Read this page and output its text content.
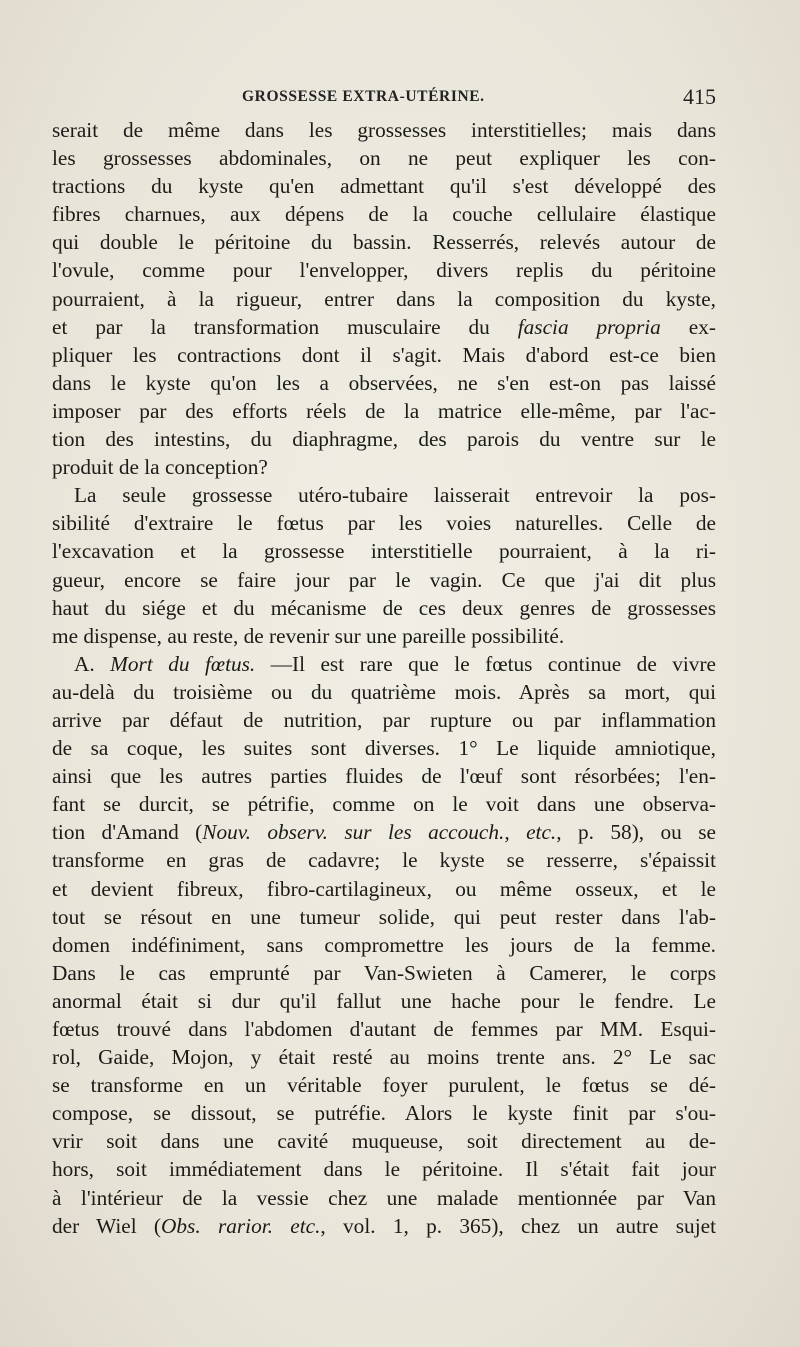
GROSSESSE EXTRA-UTÉRINE.	415
serait de même dans les grossesses interstitielles; mais dans
les grossesses abdominales, on ne peut expliquer les con-
tractions du kyste qu'en admettant qu'il s'est développé des
fibres charnues, aux dépens de la couche cellulaire élastique
qui double le péritoine du bassin. Resserrés, relevés autour de
l'ovule, comme pour l'envelopper, divers replis du péritoine
pourraient, à la rigueur, entrer dans la composition du kyste,
et par la transformation musculaire du fascia propria ex-
pliquer les contractions dont il s'agit. Mais d'abord est-ce bien
dans le kyste qu'on les a observées, ne s'en est-on pas laissé
imposer par des efforts réels de la matrice elle-même, par l'ac-
tion des intestins, du diaphragme, des parois du ventre sur le
produit de la conception?
La seule grossesse utéro-tubaire laisserait entrevoir la pos-
sibilité d'extraire le fœtus par les voies naturelles. Celle de
l'excavation et la grossesse interstitielle pourraient, à la ri-
gueur, encore se faire jour par le vagin. Ce que j'ai dit plus
haut du siége et du mécanisme de ces deux genres de grossesses
me dispense, au reste, de revenir sur une pareille possibilité.
A. Mort du fœtus. —Il est rare que le fœtus continue de vivre
au-delà du troisième ou du quatrième mois. Après sa mort, qui
arrive par défaut de nutrition, par rupture ou par inflammation
de sa coque, les suites sont diverses. 1° Le liquide amniotique,
ainsi que les autres parties fluides de l'œuf sont résorbées; l'en-
fant se durcit, se pétrifie, comme on le voit dans une observa-
tion d'Amand (Nouv. observ. sur les accouch., etc., p. 58), ou se
transforme en gras de cadavre; le kyste se resserre, s'épaissit
et devient fibreux, fibro-cartilagineux, ou même osseux, et le
tout se résout en une tumeur solide, qui peut rester dans l'ab-
domen indéfiniment, sans compromettre les jours de la femme.
Dans le cas emprunté par Van-Swieten à Camerer, le corps
anormal était si dur qu'il fallut une hache pour le fendre. Le
fœtus trouvé dans l'abdomen d'autant de femmes par MM. Esqui-
rol, Gaide, Mojon, y était resté au moins trente ans. 2° Le sac
se transforme en un véritable foyer purulent, le fœtus se dé-
compose, se dissout, se putréfie. Alors le kyste finit par s'ou-
vrir soit dans une cavité muqueuse, soit directement au de-
hors, soit immédiatement dans le péritoine. Il s'était fait jour
à l'intérieur de la vessie chez une malade mentionnée par Van
der Wiel (Obs. rarior. etc., vol. 1, p. 365), chez un autre sujet
